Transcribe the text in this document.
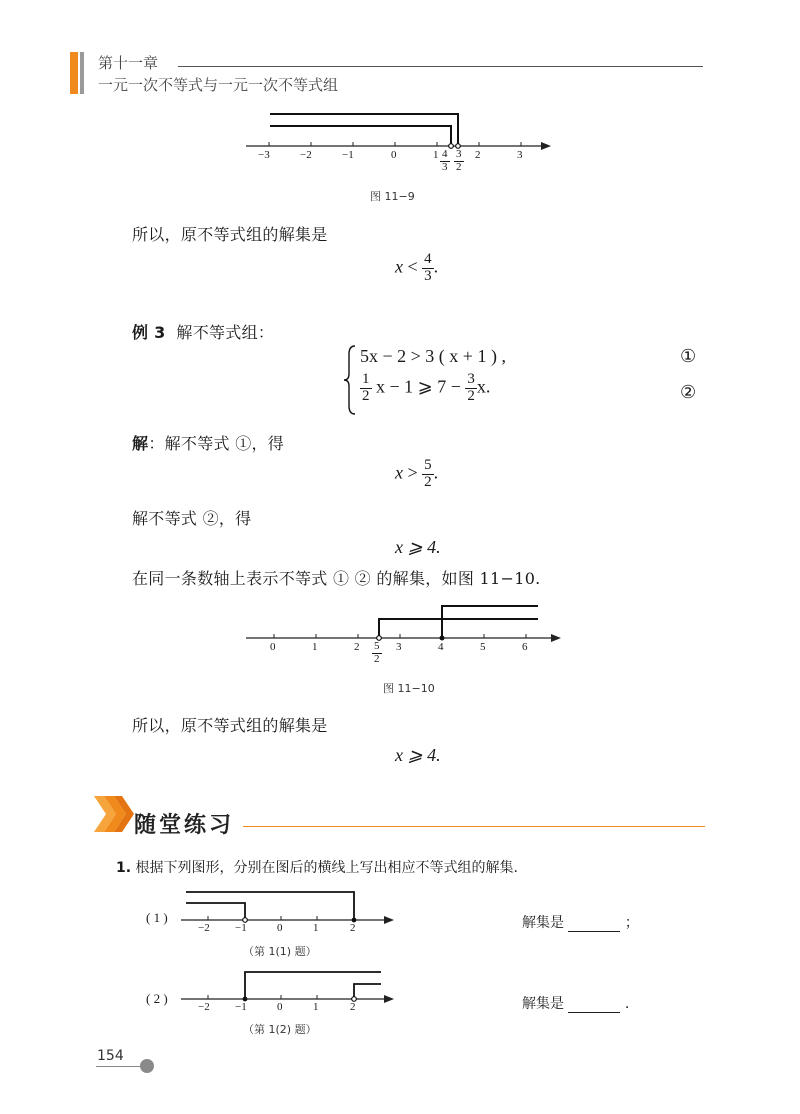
第十一章
一元一次不等式与一元一次不等式组
−3	−2	−1	0	1	2	3
$\frac{4}{3} \frac{3}{2}$
图 11−9
所以，原不等式组的解集是
$x < \frac{4}{3}$ .
例 3 解不等式组：
5x − 2 > 3 ( x + 1 ) ,	①
$\frac{1}{2}$ x − 1 ⩾ $7 - \frac{3}{2} x$.	②
解：解不等式 ①，得
$x > \frac{5}{2}$ .
解不等式 ②，得
x ⩾ 4.
在同一条数轴上表示不等式 ① ② 的解集，如图 11−10.
0	1	2	3	4	5	6
$\frac{5}{2}$
图 11−10
所以，原不等式组的解集是
x ⩾ 4.
随堂练习
1. 根据下列图形，分别在图后的横线上写出相应不等式组的解集.
( 1 )
−2 −1	0	1	2
（第 1(1) 题）
解集是	；
( 2 )
−2 −1	0	1	2
（第 1(2) 题）
解集是	.
154
